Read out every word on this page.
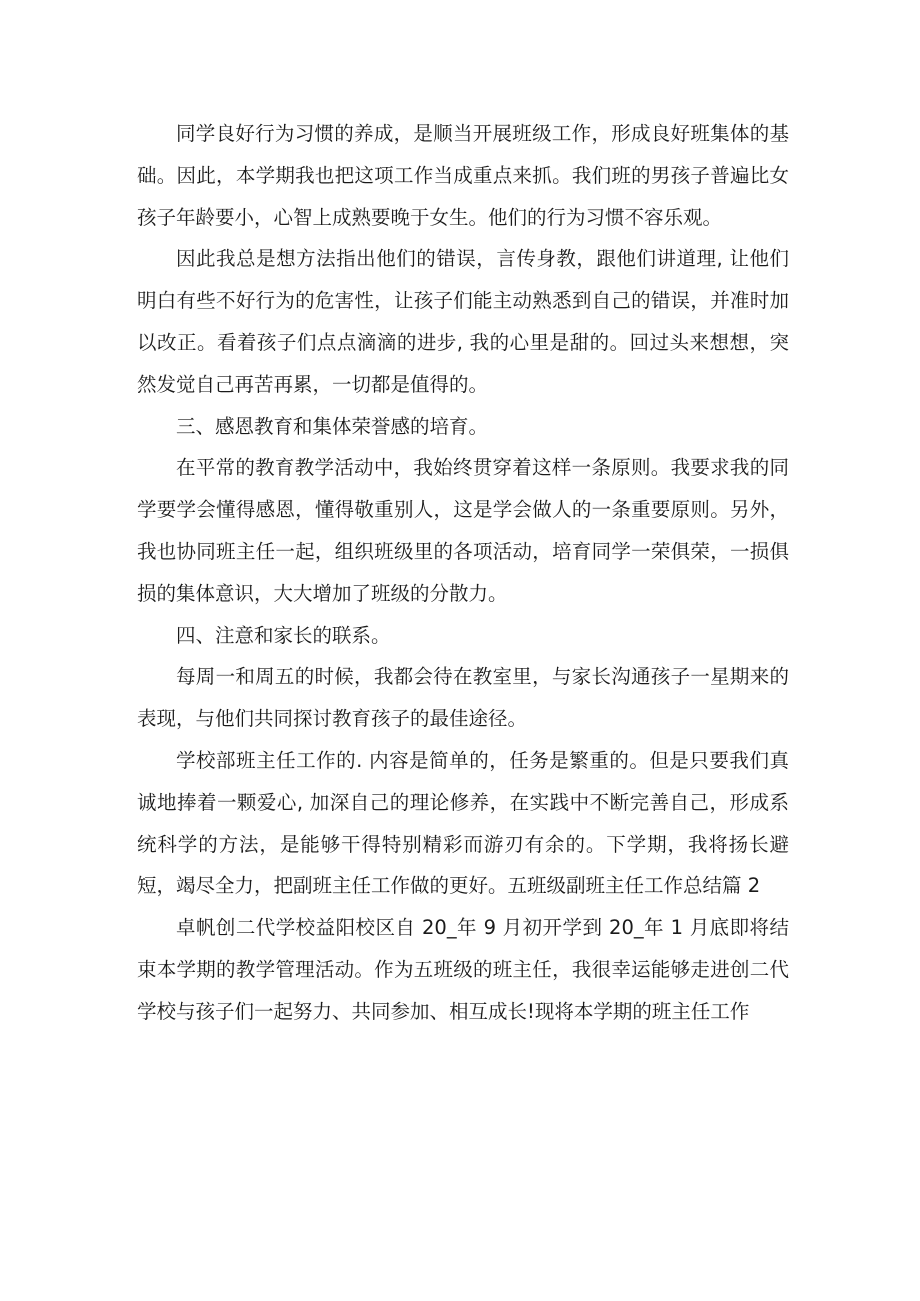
同学良好行为习惯的养成，是顺当开展班级工作，形成良好班集体的基础。因此，本学期我也把这项工作当成重点来抓。我们班的男孩子普遍比女孩子年龄要小，心智上成熟要晚于女生。他们的行为习惯不容乐观。

因此我总是想方法指出他们的错误，言传身教，跟他们讲道理, 让他们明白有些不好行为的危害性，让孩子们能主动熟悉到自己的错误，并准时加以改正。看着孩子们点点滴滴的进步, 我的心里是甜的。回过头来想想，突然发觉自己再苦再累，一切都是值得的。

三、感恩教育和集体荣誉感的培育。

在平常的教育教学活动中，我始终贯穿着这样一条原则。我要求我的同学要学会懂得感恩，懂得敬重别人，这是学会做人的一条重要原则。另外，我也协同班主任一起，组织班级里的各项活动，培育同学一荣俱荣，一损俱损的集体意识，大大增加了班级的分散力。

四、注意和家长的联系。

每周一和周五的时候，我都会待在教室里，与家长沟通孩子一星期来的表现，与他们共同探讨教育孩子的最佳途径。

学校部班主任工作的. 内容是简单的，任务是繁重的。但是只要我们真诚地捧着一颗爱心, 加深自己的理论修养，在实践中不断完善自己，形成系统科学的方法，是能够干得特别精彩而游刃有余的。下学期，我将扬长避短，竭尽全力，把副班主任工作做的更好。五班级副班主任工作总结篇 2

卓帆创二代学校益阳校区自 20_年 9 月初开学到 20_年 1 月底即将结束本学期的教学管理活动。作为五班级的班主任，我很幸运能够走进创二代学校与孩子们一起努力、共同参加、相互成长!现将本学期的班主任工作
